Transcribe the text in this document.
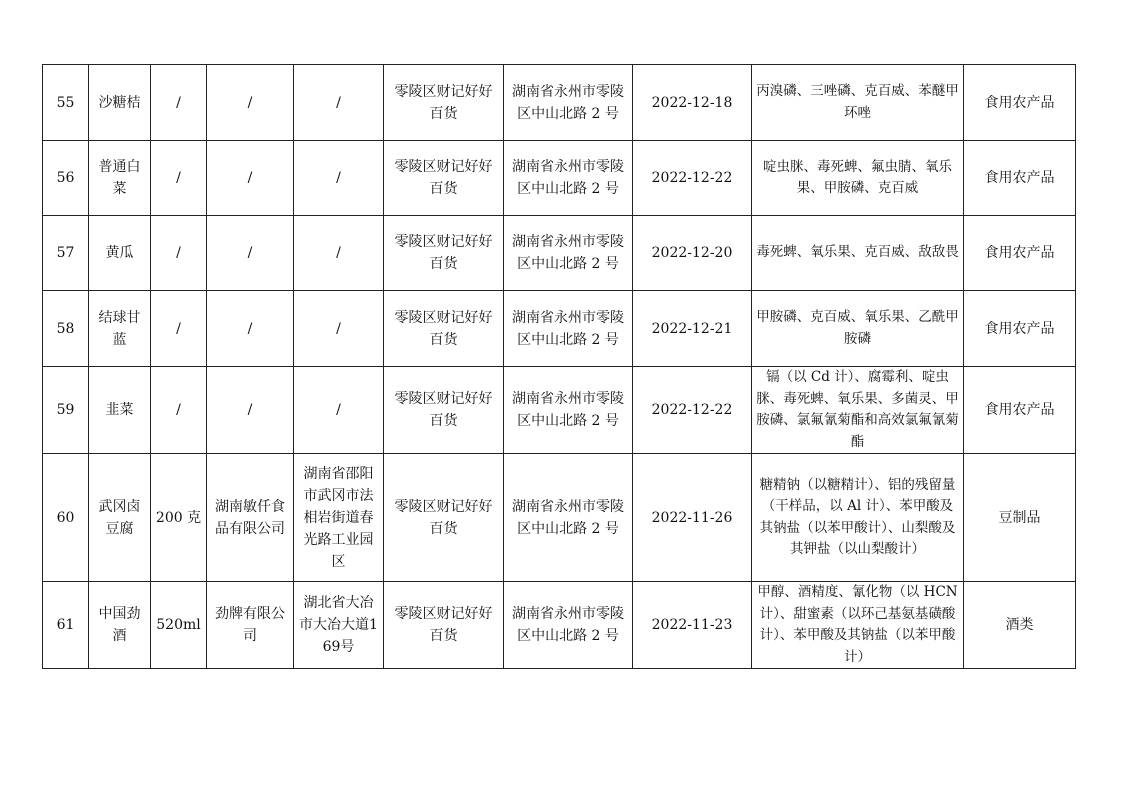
55	沙糖桔	/	/	/	零陵区财记好好百货	湖南省永州市零陵区中山北路 2 号	2022-12-18	丙溴磷、三唑磷、克百威、苯醚甲环唑	食用农产品
56	普通白菜	/	/	/	零陵区财记好好百货	湖南省永州市零陵区中山北路 2 号	2022-12-22	啶虫脒、毒死蜱、氟虫腈、氧乐果、甲胺磷、克百威	食用农产品
57	黄瓜	/	/	/	零陵区财记好好百货	湖南省永州市零陵区中山北路 2 号	2022-12-20	毒死蜱、氧乐果、克百威、敌敌畏	食用农产品
58	结球甘蓝	/	/	/	零陵区财记好好百货	湖南省永州市零陵区中山北路 2 号	2022-12-21	甲胺磷、克百威、氧乐果、乙酰甲胺磷	食用农产品
59	韭菜	/	/	/	零陵区财记好好百货	湖南省永州市零陵区中山北路 2 号	2022-12-22	镉（以 Cd 计）、腐霉利、啶虫脒、毒死蜱、氧乐果、多菌灵、甲胺磷、氯氟氰菊酯和高效氯氟氰菊酯	食用农产品
60	武冈卤豆腐	200 克	湖南敏仟食品有限公司	湖南省邵阳市武冈市法相岩街道春光路工业园区	零陵区财记好好百货	湖南省永州市零陵区中山北路 2 号	2022-11-26	糖精钠（以糖精计）、铝的残留量（干样品，以 Al 计）、苯甲酸及其钠盐（以苯甲酸计）、山梨酸及其钾盐（以山梨酸计）	豆制品
61	中国劲酒	520ml	劲牌有限公司	湖北省大冶市大冶大道169号	零陵区财记好好百货	湖南省永州市零陵区中山北路 2 号	2022-11-23	甲醇、酒精度、氰化物（以 HCN 计）、甜蜜素（以环己基氨基磺酸计）、苯甲酸及其钠盐（以苯甲酸计）	酒类
